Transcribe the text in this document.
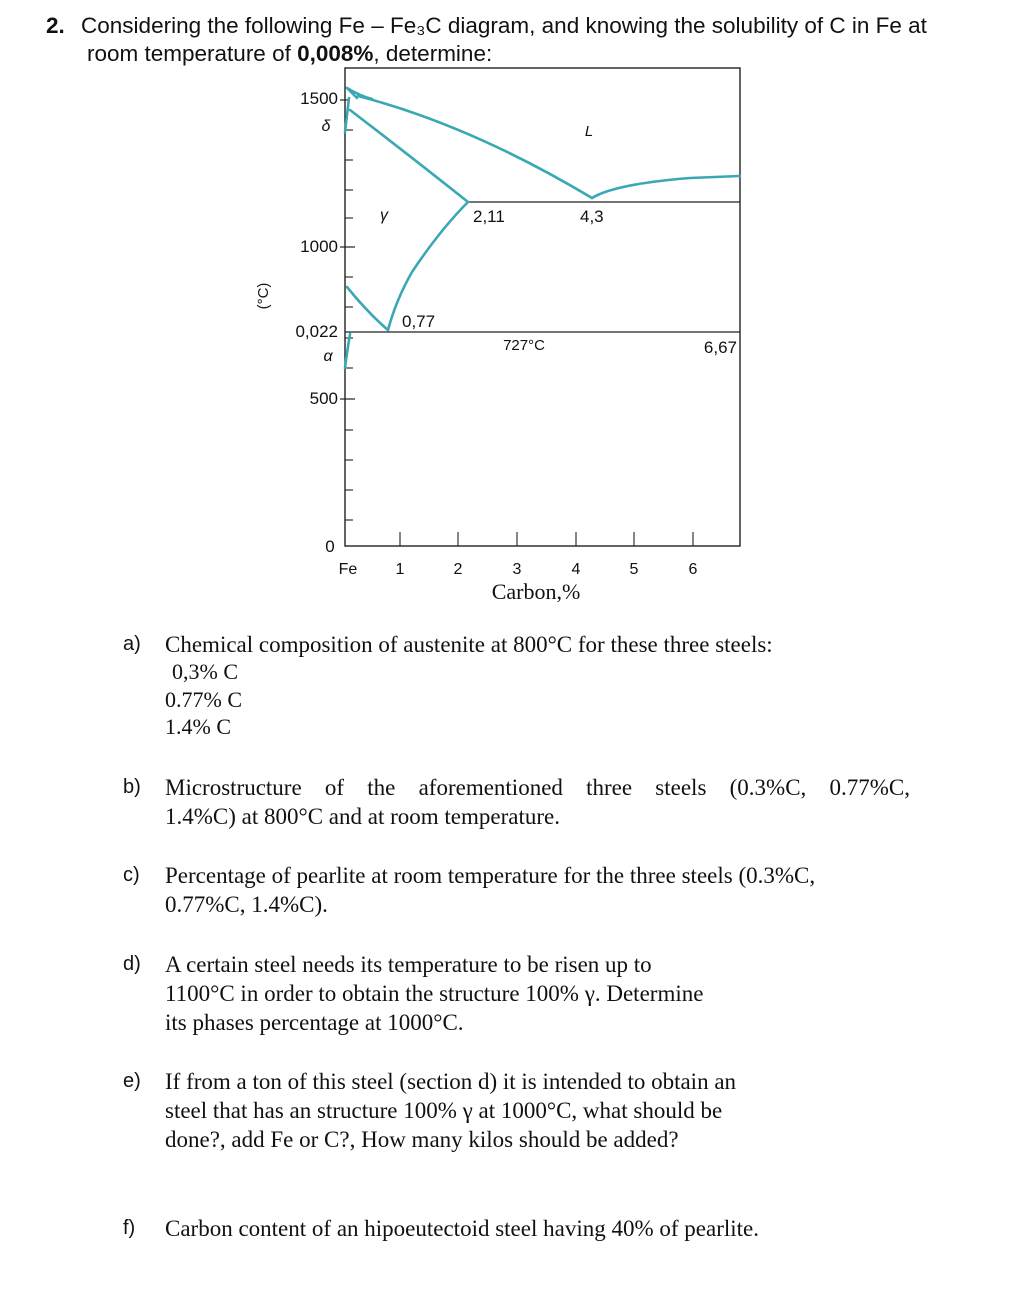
2. Considering the following Fe – Fe₃C diagram, and knowing the solubility of C in Fe at
room temperature of 0,008%, determine:
1500
1000
500
0
(°C)
Fe 1	2	3	4	5	6
Carbon,%
L
δ
γ
α
2,11	4,3
0,77
0,022
727°C	6,67
a) Chemical composition of austenite at 800°C for these three steels:
0,3% C
0.77% C
1.4% C
b) Microstructure of the aforementioned three steels (0.3%C, 0.77%C,
1.4%C) at 800°C and at room temperature.
c) Percentage of pearlite at room temperature for the three steels (0.3%C,
0.77%C, 1.4%C).
d) A certain steel needs its temperature to be risen up to
1100°C in order to obtain the structure 100% γ. Determine
its phases percentage at 1000°C.
e) If from a ton of this steel (section d) it is intended to obtain an
steel that has an structure 100% γ at 1000°C, what should be
done?, add Fe or C?, How many kilos should be added?
f) Carbon content of an hipoeutectoid steel having 40% of pearlite.
